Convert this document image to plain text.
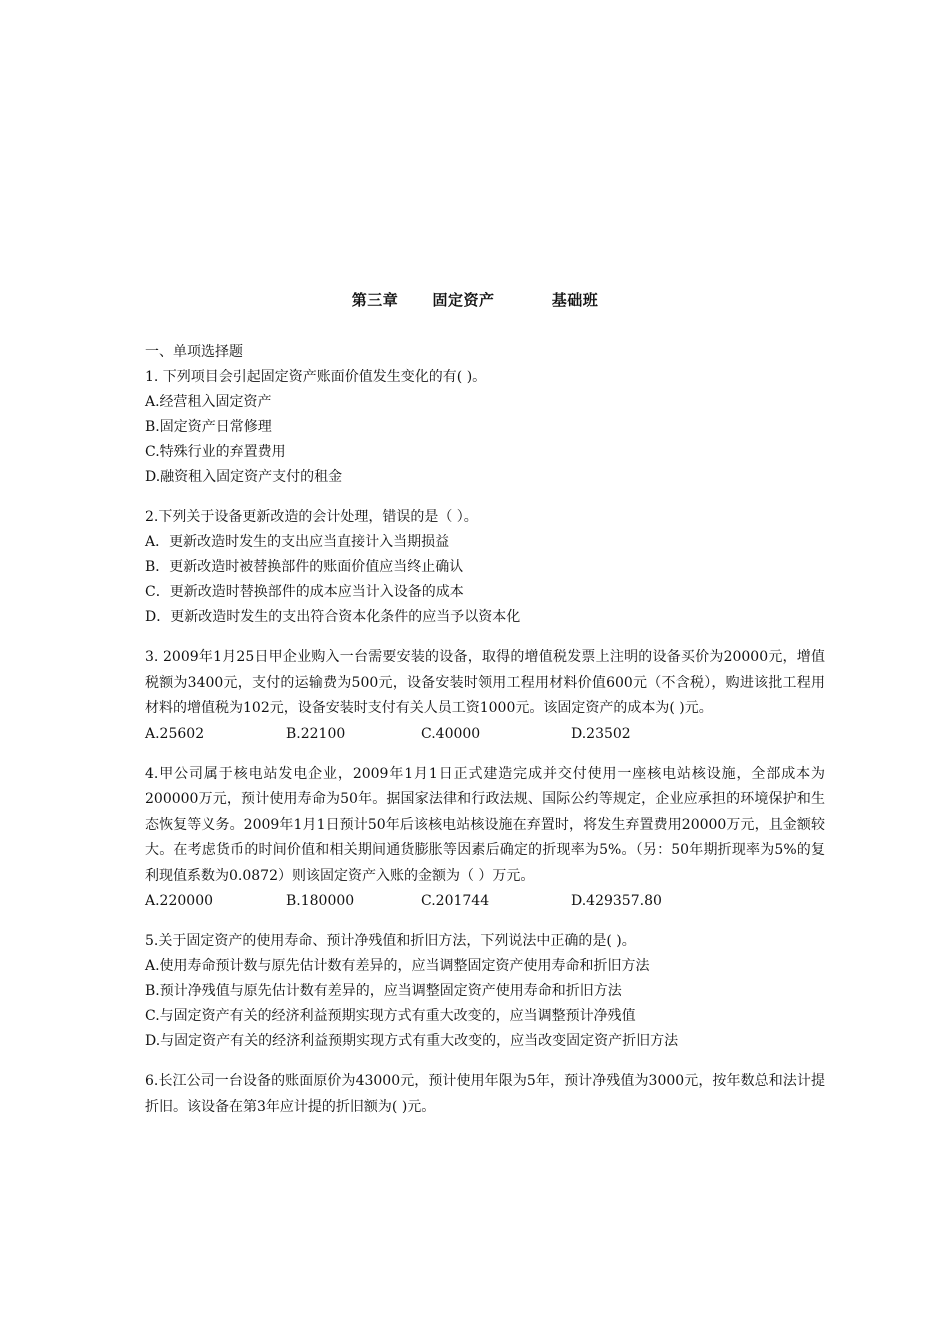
第三章      固定资产          基础班
一、单项选择题
1. 下列项目会引起固定资产账面价值发生变化的有( )。
A.经营租入固定资产
B.固定资产日常修理
C.特殊行业的弃置费用
D.融资租入固定资产支付的租金
2.下列关于设备更新改造的会计处理，错误的是（ ）。
A．更新改造时发生的支出应当直接计入当期损益
B．更新改造时被替换部件的账面价值应当终止确认
C．更新改造时替换部件的成本应当计入设备的成本
D．更新改造时发生的支出符合资本化条件的应当予以资本化
3. 2009年1月25日甲企业购入一台需要安装的设备，取得的增值税发票上注明的设备买价为20000元，增值税额为3400元，支付的运输费为500元，设备安装时领用工程用材料价值600元（不含税），购进该批工程用材料的增值税为102元，设备安装时支付有关人员工资1000元。该固定资产的成本为( )元。
A.25602	B.22100	C.40000	D.23502
4.甲公司属于核电站发电企业，2009年1月1日正式建造完成并交付使用一座核电站核设施，全部成本为200000万元，预计使用寿命为50年。据国家法律和行政法规、国际公约等规定，企业应承担的环境保护和生态恢复等义务。2009年1月1日预计50年后该核电站核设施在弃置时，将发生弃置费用20000万元，且金额较大。在考虑货币的时间价值和相关期间通货膨胀等因素后确定的折现率为5%。（另：50年期折现率为5%的复利现值系数为0.0872）则该固定资产入账的金额为（ ）万元。
A.220000	B.180000	C.201744	D.429357.80
5.关于固定资产的使用寿命、预计净残值和折旧方法，下列说法中正确的是( )。
A.使用寿命预计数与原先估计数有差异的，应当调整固定资产使用寿命和折旧方法
B.预计净残值与原先估计数有差异的，应当调整固定资产使用寿命和折旧方法
C.与固定资产有关的经济利益预期实现方式有重大改变的，应当调整预计净残值
D.与固定资产有关的经济利益预期实现方式有重大改变的，应当改变固定资产折旧方法
6.长江公司一台设备的账面原价为43000元，预计使用年限为5年，预计净残值为3000元，按年数总和法计提折旧。该设备在第3年应计提的折旧额为( )元。
